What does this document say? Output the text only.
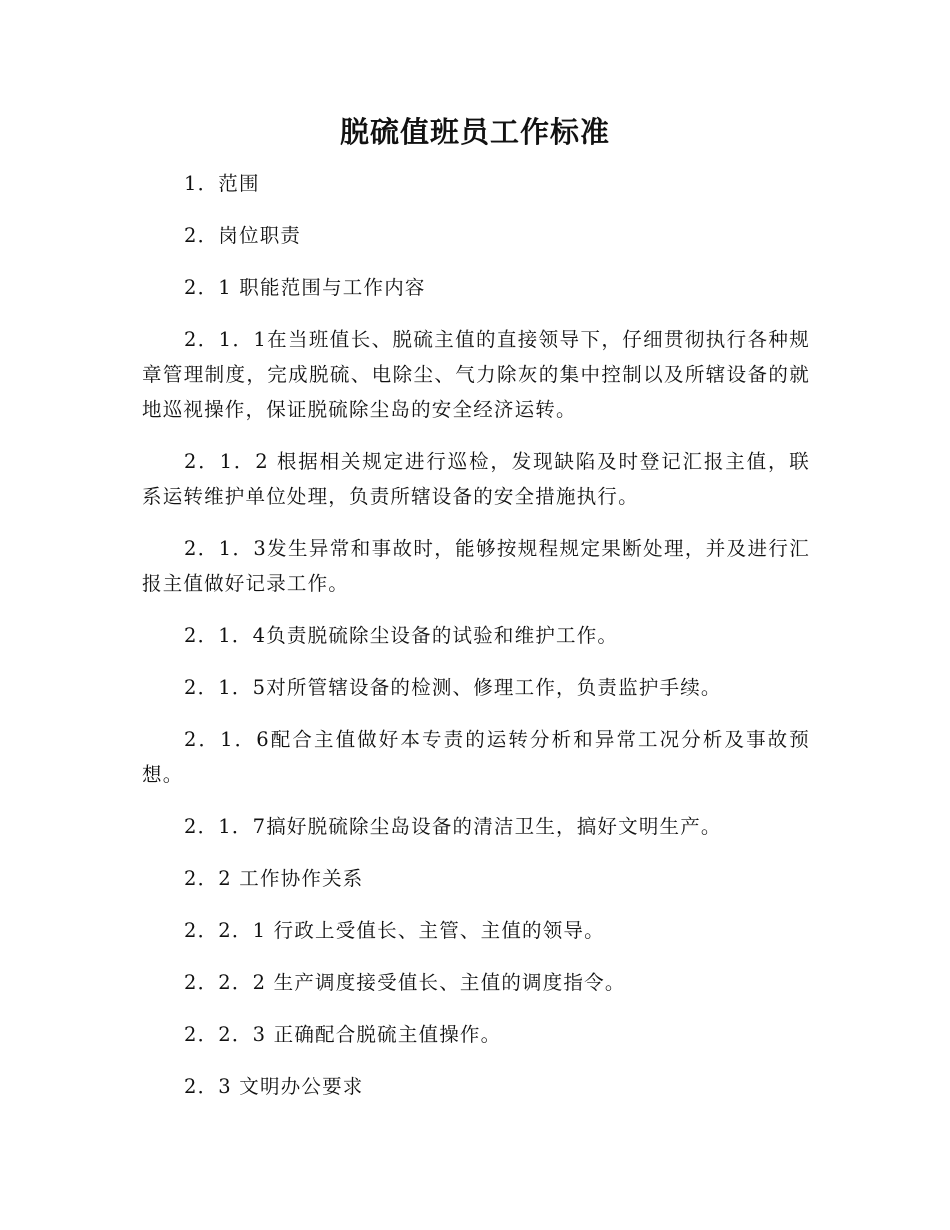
脱硫值班员工作标准

1．范围

2．岗位职责

2．1 职能范围与工作内容

2．1．1在当班值长、脱硫主值的直接领导下，仔细贯彻执行各种规章管理制度，完成脱硫、电除尘、气力除灰的集中控制以及所辖设备的就地巡视操作，保证脱硫除尘岛的安全经济运转。

2．1．2 根据相关规定进行巡检，发现缺陷及时登记汇报主值，联系运转维护单位处理，负责所辖设备的安全措施执行。

2．1．3发生异常和事故时，能够按规程规定果断处理，并及进行汇报主值做好记录工作。

2．1．4负责脱硫除尘设备的试验和维护工作。

2．1．5对所管辖设备的检测、修理工作，负责监护手续。

2．1．6配合主值做好本专责的运转分析和异常工况分析及事故预想。

2．1．7搞好脱硫除尘岛设备的清洁卫生，搞好文明生产。

2．2 工作协作关系

2．2．1 行政上受值长、主管、主值的领导。

2．2．2 生产调度接受值长、主值的调度指令。

2．2．3 正确配合脱硫主值操作。

2．3 文明办公要求
